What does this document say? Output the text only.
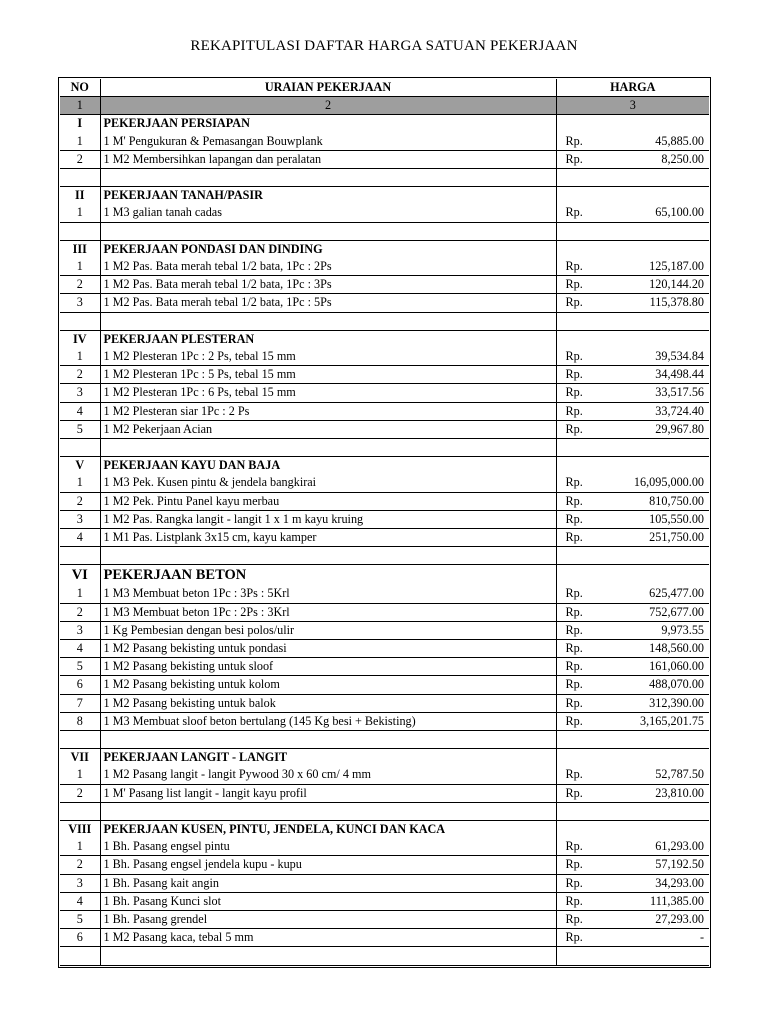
REKAPITULASI DAFTAR HARGA SATUAN PEKERJAAN
NO	URAIAN PEKERJAAN	HARGA
1	2	3
I	PEKERJAAN PERSIAPAN	
1	1 M' Pengukuran & Pemasangan Bouwplank	Rp. 45,885.00

2	1 M2 Membersihkan lapangan dan peralatan	Rp. 8,250.00

II	PEKERJAAN TANAH/PASIR	
1	1 M3 galian tanah cadas	Rp. 65,100.00

III	PEKERJAAN PONDASI DAN DINDING	
1	1 M2 Pas. Bata merah tebal 1/2 bata, 1Pc : 2Ps	Rp. 125,187.00

2	1 M2 Pas. Bata merah tebal 1/2 bata, 1Pc : 3Ps	Rp. 120,144.20

3	1 M2 Pas. Bata merah tebal 1/2 bata, 1Pc : 5Ps	Rp. 115,378.80

IV	PEKERJAAN PLESTERAN	
1	1 M2 Plesteran 1Pc : 2 Ps, tebal 15 mm	Rp. 39,534.84

2	1 M2 Plesteran 1Pc : 5 Ps, tebal 15 mm	Rp. 34,498.44

3	1 M2 Plesteran 1Pc : 6 Ps, tebal 15 mm	Rp. 33,517.56

4	1 M2 Plesteran siar 1Pc : 2 Ps	Rp. 33,724.40

5	1 M2 Pekerjaan Acian	Rp. 29,967.80

V	PEKERJAAN KAYU DAN BAJA	
1	1 M3 Pek. Kusen pintu & jendela bangkirai	Rp. 16,095,000.00

2	1 M2 Pek. Pintu Panel kayu merbau	Rp. 810,750.00

3	1 M2 Pas. Rangka langit - langit 1 x 1 m kayu kruing	Rp. 105,550.00

4	1 M1 Pas. Listplank 3x15 cm, kayu kamper	Rp. 251,750.00

VI	PEKERJAAN BETON	
1	1 M3 Membuat beton 1Pc : 3Ps : 5Krl	Rp. 625,477.00

2	1 M3 Membuat beton 1Pc : 2Ps : 3Krl	Rp. 752,677.00

3	1 Kg Pembesian dengan besi polos/ulir	Rp. 9,973.55

4	1 M2 Pasang bekisting untuk pondasi	Rp. 148,560.00

5	1 M2 Pasang bekisting untuk sloof	Rp. 161,060.00

6	1 M2 Pasang bekisting untuk kolom	Rp. 488,070.00

7	1 M2 Pasang bekisting untuk balok	Rp. 312,390.00

8	1 M3 Membuat sloof beton bertulang (145 Kg besi + Bekisting)	Rp. 3,165,201.75

VII	PEKERJAAN LANGIT - LANGIT	
1	1 M2 Pasang langit - langit Pywood 30 x 60 cm/ 4 mm	Rp. 52,787.50

2	1 M' Pasang list langit - langit kayu profil	Rp. 23,810.00

VIII	PEKERJAAN KUSEN, PINTU, JENDELA, KUNCI DAN KACA	
1	1 Bh. Pasang engsel pintu	Rp. 61,293.00

2	1 Bh. Pasang engsel jendela kupu - kupu	Rp. 57,192.50

3	1 Bh. Pasang kait angin	Rp. 34,293.00

4	1 Bh. Pasang Kunci slot	Rp. 111,385.00

5	1 Bh. Pasang grendel	Rp. 27,293.00

6	1 M2 Pasang kaca, tebal 5 mm	Rp. -
